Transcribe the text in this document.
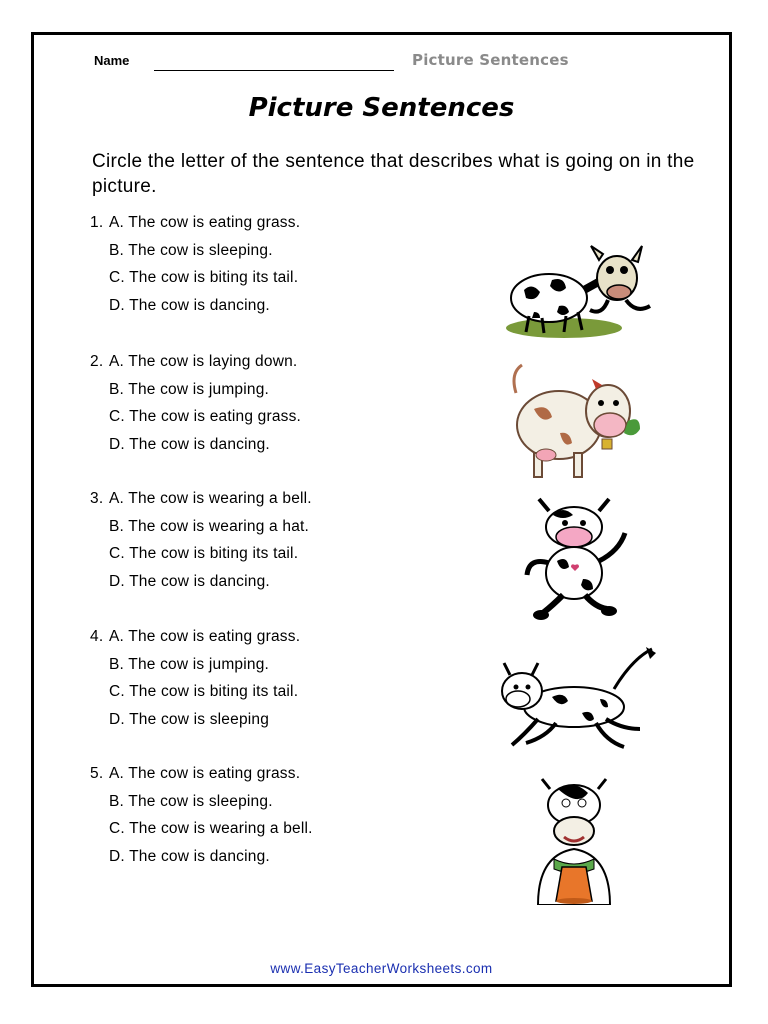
Name	Picture Sentences
Picture Sentences
Circle the letter of the sentence that describes what is going on in the picture.
1. A. The cow is eating grass.
B. The cow is sleeping.
C. The cow is biting its tail.
D. The cow is dancing.
2. A. The cow is laying down.
B. The cow is jumping.
C. The cow is eating grass.
D. The cow is dancing.
3. A. The cow is wearing a bell.
B. The cow is wearing a hat.
C. The cow is biting its tail.
D. The cow is dancing.
4. A. The cow is eating grass.
B. The cow is jumping.
C. The cow is biting its tail.
D. The cow is sleeping
5. A. The cow is eating grass.
B. The cow is sleeping.
C. The cow is wearing a bell.
D. The cow is dancing.
www.EasyTeacherWorksheets.com
